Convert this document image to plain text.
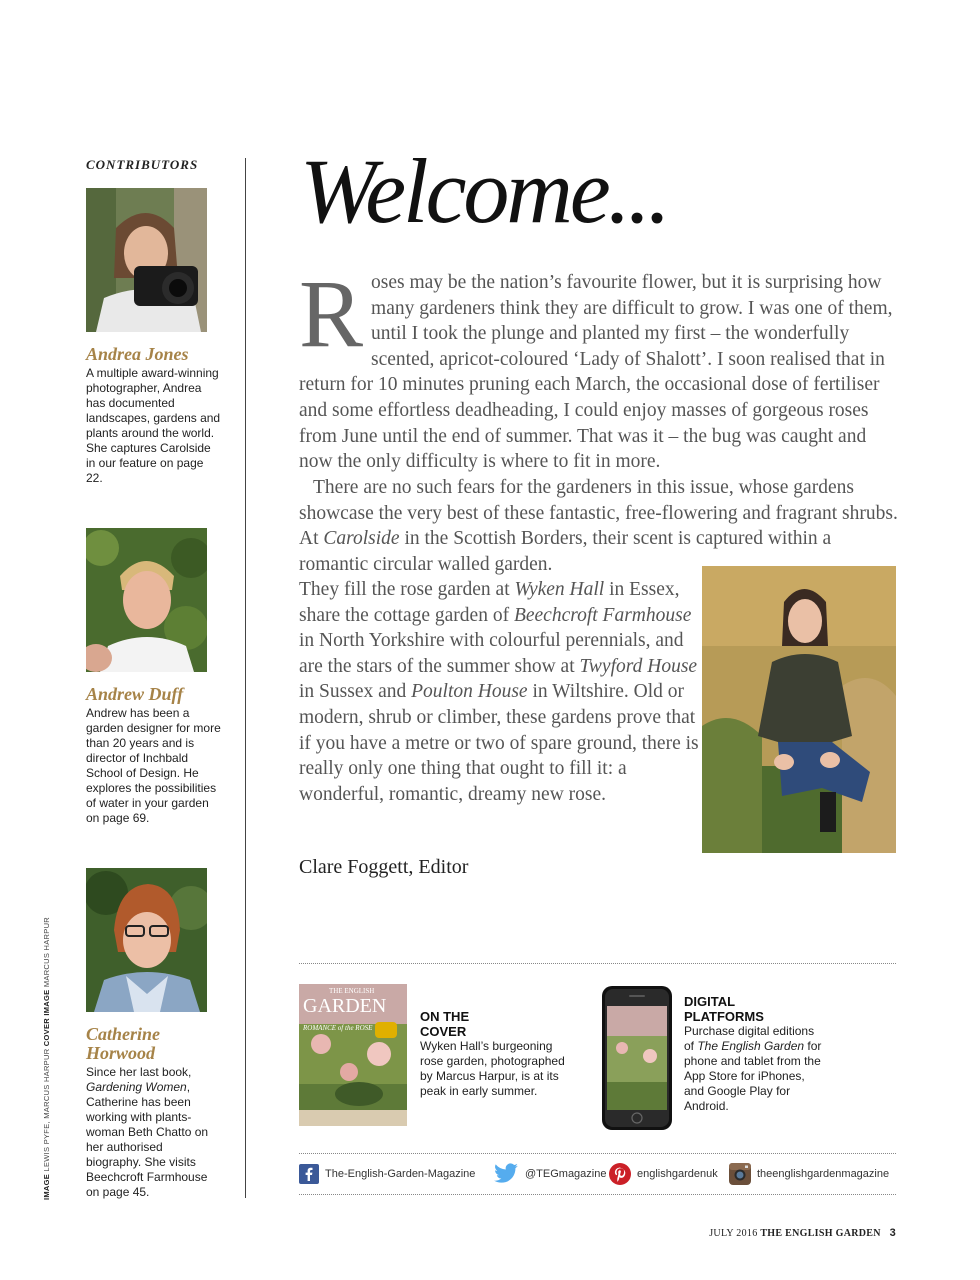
CONTRIBUTORS
Andrea Jones
A multiple award-winning photographer, Andrea has documented landscapes, gardens and plants around the world. She captures Carolside in our feature on page 22.
Andrew Duff
Andrew has been a garden designer for more than 20 years and is director of Inchbald School of Design. He explores the possibilities of water in your garden on page 69.
Catherine
Horwood
Since her last book, Gardening Women, Catherine has been working with plants-woman Beth Chatto on her authorised biography. She visits Beechcroft Farmhouse on page 45.
IMAGE LEWIS PYFE, MARCUS HARPUR COVER IMAGE MARCUS HARPUR
Welcome...
Roses may be the nation’s favourite flower, but it is surprising how many gardeners think they are difficult to grow. I was one of them, until I took the plunge and planted my first – the wonderfully scented, apricot-coloured ‘Lady of Shalott’. I soon realised that in return for 10 minutes pruning each March, the occasional dose of fertiliser and some effortless deadheading, I could enjoy masses of gorgeous roses from June until the end of summer. That was it – the bug was caught and now the only difficulty is where to fit in more.
There are no such fears for the gardeners in this issue, whose gardens showcase the very best of these fantastic, free-flowering and fragrant shrubs. At Carolside in the Scottish Borders, their scent is captured within a romantic circular walled garden.
They fill the rose garden at Wyken Hall in Essex, share the cottage garden of Beechcroft Farmhouse in North Yorkshire with colourful perennials, and are the stars of the summer show at Twyford House in Sussex and Poulton House in Wiltshire. Old or modern, shrub or climber, these gardens prove that if you have a metre or two of spare ground, there is really only one thing that ought to fill it: a wonderful, romantic, dreamy new rose.
Clare Foggett, Editor
THE ENGLISH
GARDEN
ROMANCE of the ROSE
ON THE
COVER
Wyken Hall’s burgeoning rose garden, photographed by Marcus Harpur, is at its peak in early summer.
DIGITAL
PLATFORMS
Purchase digital editions of The English Garden for phone and tablet from the App Store for iPhones, and Google Play for Android.
The-English-Garden-Magazine	@TEGmagazine	englishgardenuk	theenglishgardenmagazine
JULY 2016 THE ENGLISH GARDEN 3
